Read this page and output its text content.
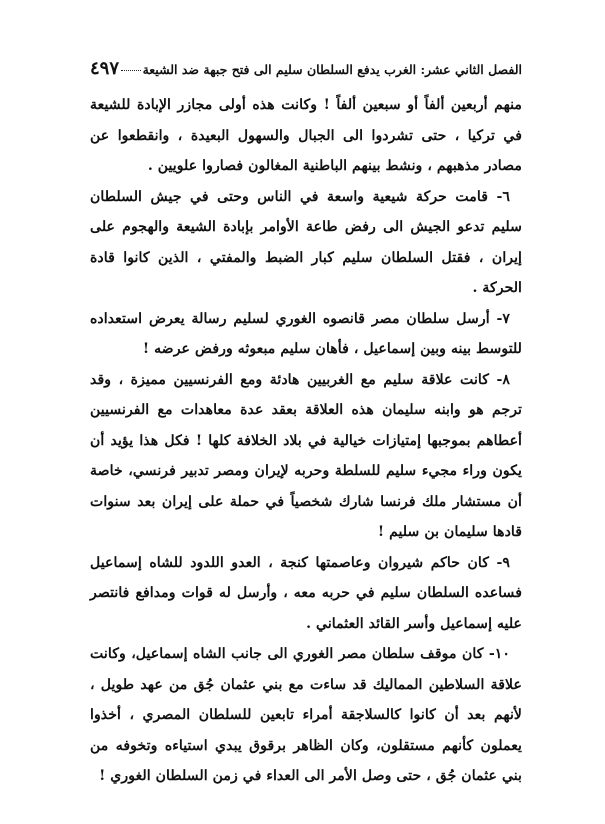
الفصل الثاني عشر: الغرب يدفع السلطان سليم الى فتح جبهة ضد الشيعة
٤٩٧

منهم أربعين ألفاً أو سبعين ألفاً ! وكانت هذه أولى مجازر الإبادة للشيعة في تركيا ، حتى تشردوا الى الجبال والسهول البعيدة ، وانقطعوا عن مصادر مذهبهم ، ونشط بينهم الباطنية المغالون فصاروا علويين .

٦- قامت حركة شيعية واسعة في الناس وحتى في جيش السلطان سليم تدعو الجيش الى رفض طاعة الأوامر بإبادة الشيعة والهجوم على إيران ، فقتل السلطان سليم كبار الضبط والمفتي ، الذين كانوا قادة الحركة .

٧- أرسل سلطان مصر قانصوه الغوري لسليم رسالة يعرض استعداده للتوسط بينه وبين إسماعيل ، فأهان سليم مبعوثه ورفض عرضه !

٨- كانت علاقة سليم مع الغربيين هادئة ومع الفرنسيين مميزة ، وقد ترجم هو وابنه سليمان هذه العلاقة بعقد عدة معاهدات مع الفرنسيين أعطاهم بموجبها إمتيازات خيالية في بلاد الخلافة كلها ! فكل هذا يؤيد أن يكون وراء مجيء سليم للسلطة وحربه لإيران ومصر تدبير فرنسي، خاصة أن مستشار ملك فرنسا شارك شخصياً في حملة على إيران بعد سنوات قادها سليمان بن سليم !

٩- كان حاكم شيروان وعاصمتها كنجة ، العدو اللدود للشاه إسماعيل فساعده السلطان سليم في حربه معه ، وأرسل له قوات ومدافع فانتصر عليه إسماعيل وأسر القائد العثماني .

١٠- كان موقف سلطان مصر الغوري الى جانب الشاه إسماعيل، وكانت علاقة السلاطين المماليك قد ساءت مع بني عثمان جُق من عهد طويل ، لأنهم بعد أن كانوا كالسلاجقة أمراء تابعين للسلطان المصري ، أخذوا يعملون كأنهم مستقلون، وكان الظاهر برقوق يبدي استياءه وتخوفه من بني عثمان جُق ، حتى وصل الأمر الى العداء في زمن السلطان الغوري !
